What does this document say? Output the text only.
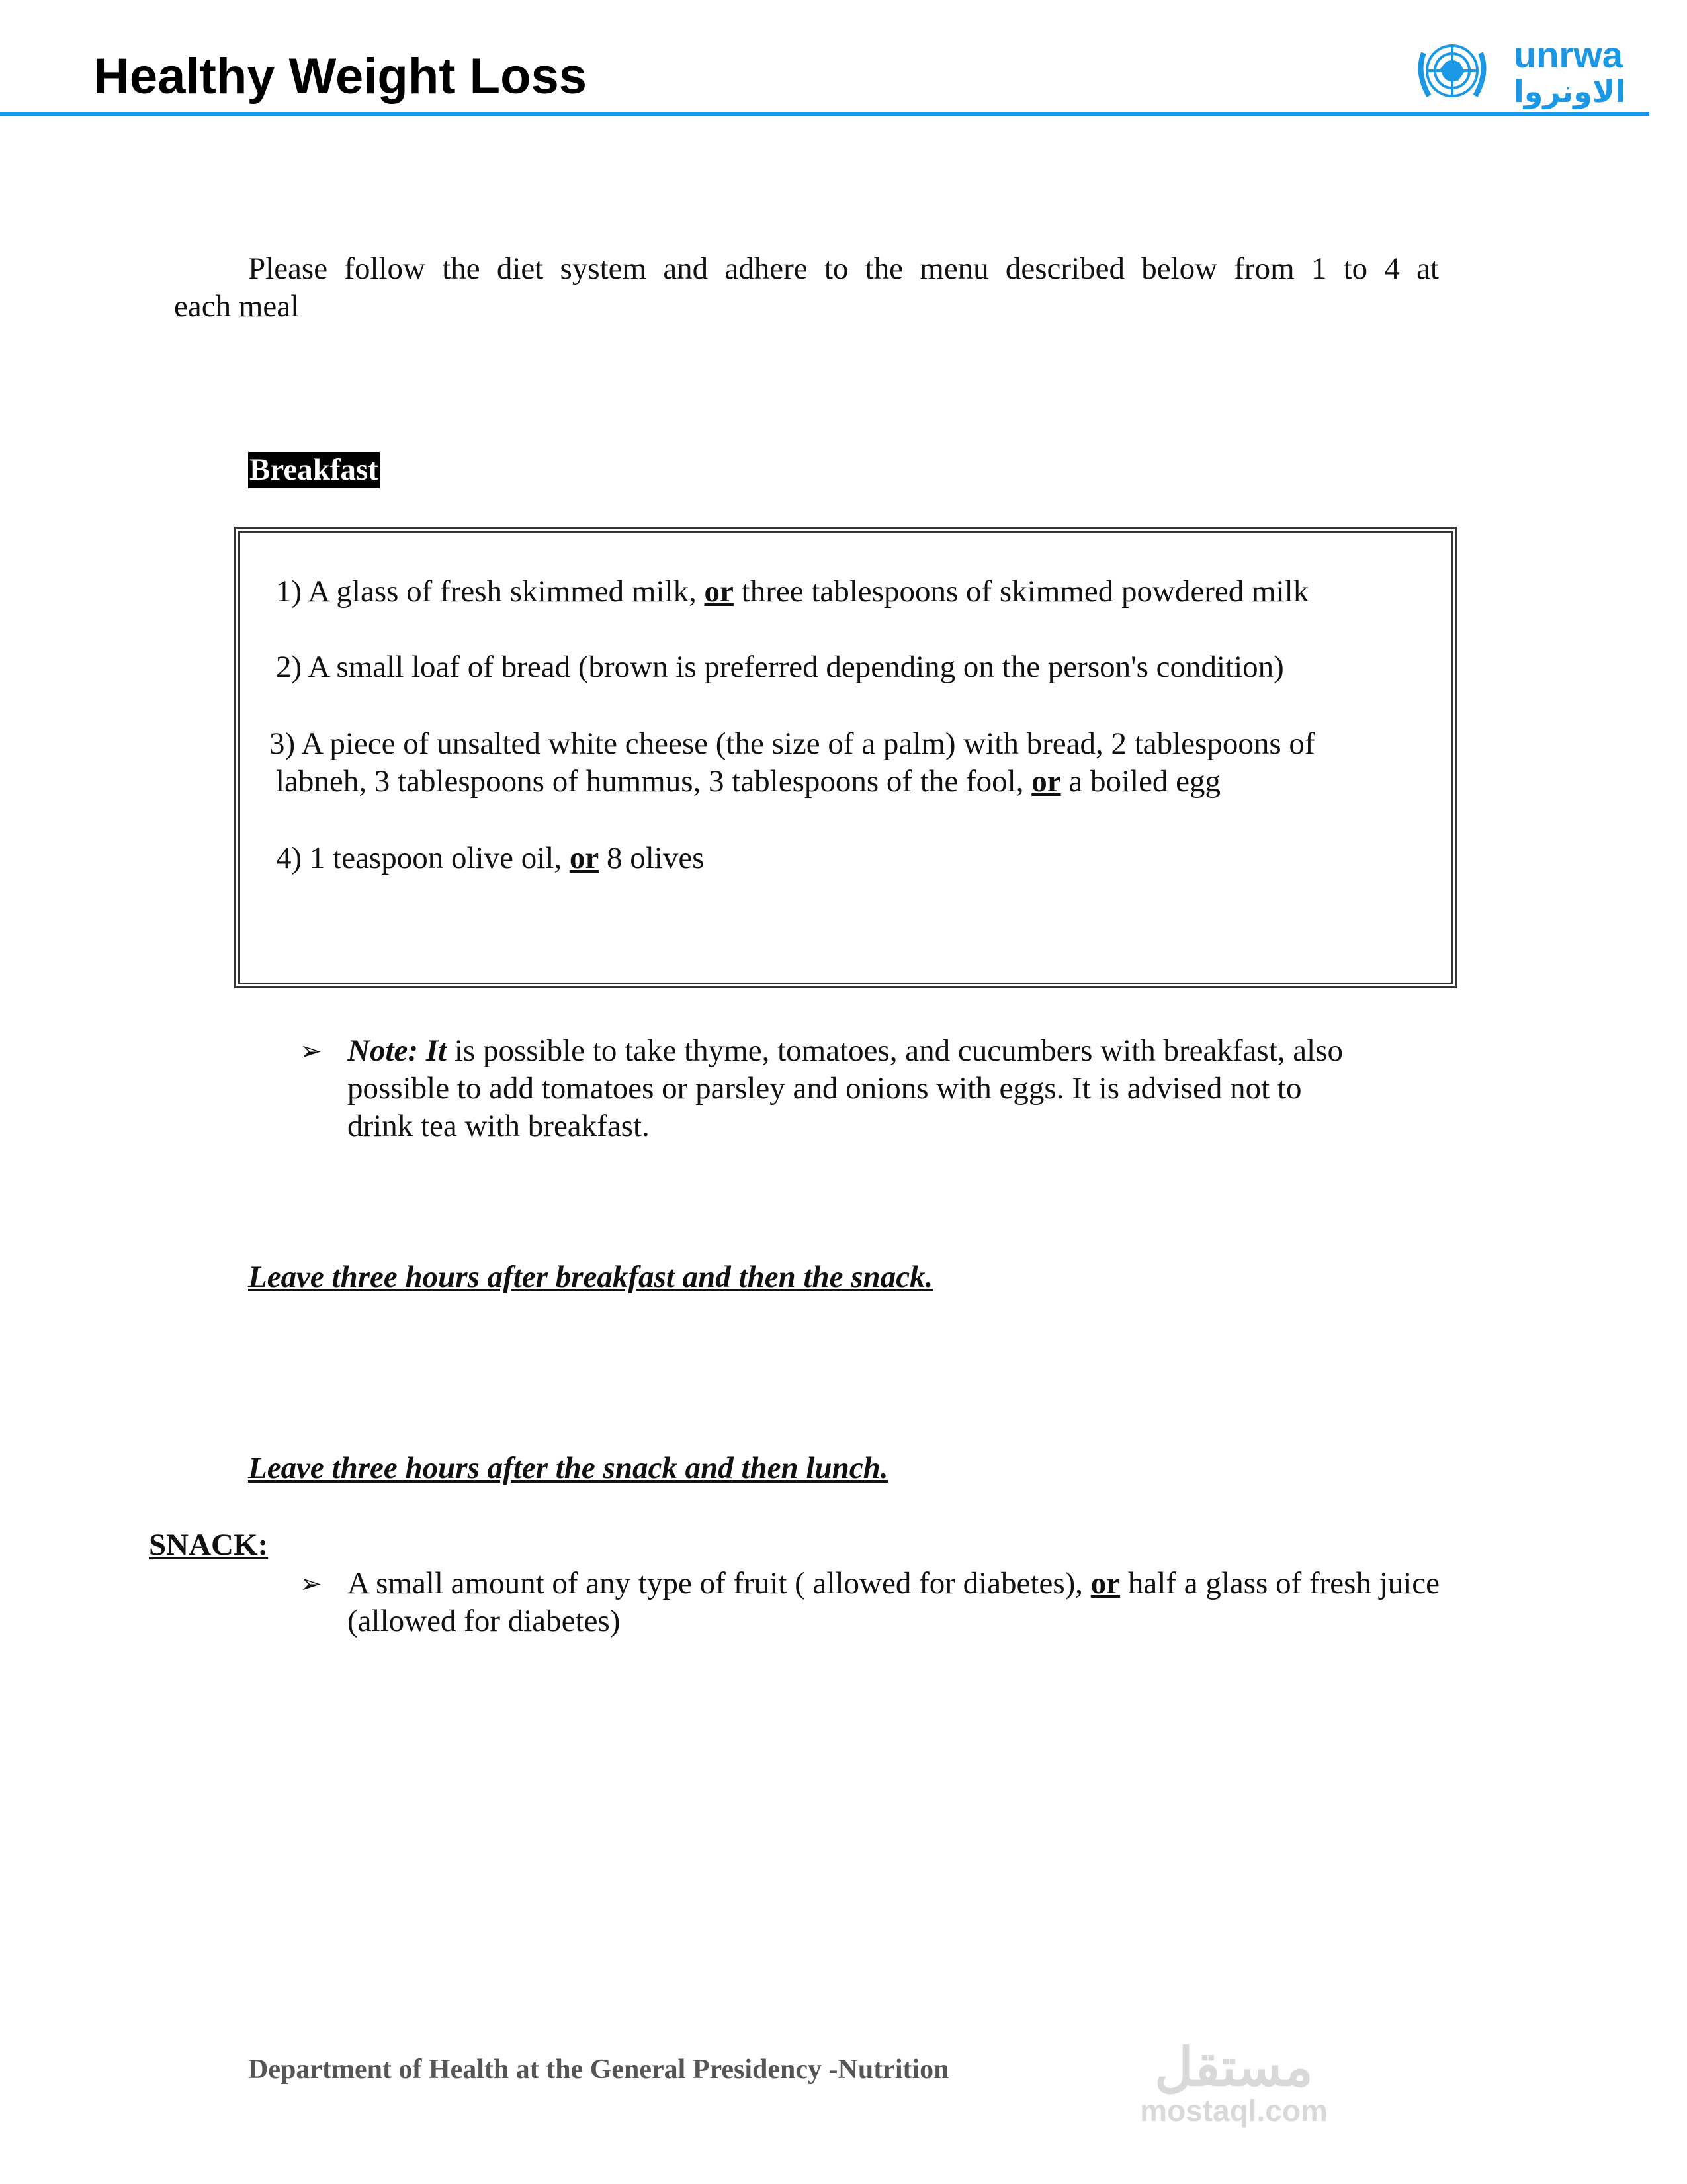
Healthy Weight Loss	unrwa
الاونروا
Please follow the diet system and adhere to the menu described below from 1 to 4 at
each meal
Breakfast
1) A glass of fresh skimmed milk, or three tablespoons of skimmed powdered milk
2) A small loaf of bread (brown is preferred depending on the person's condition)
3) A piece of unsalted white cheese (the size of a palm) with bread, 2 tablespoons of
labneh, 3 tablespoons of hummus, 3 tablespoons of the fool, or a boiled egg
4) 1 teaspoon olive oil, or 8 olives
➢ Note: It is possible to take thyme, tomatoes, and cucumbers with breakfast, also
possible to add tomatoes or parsley and onions with eggs. It is advised not to
drink tea with breakfast.
Leave three hours after breakfast and then the snack.
Leave three hours after the snack and then lunch.
SNACK:
➢ A small amount of any type of fruit ( allowed for diabetes), or half a glass of fresh juice
(allowed for diabetes)
Department of Health at the General Presidency -Nutrition	مستقل
mostaql.com
